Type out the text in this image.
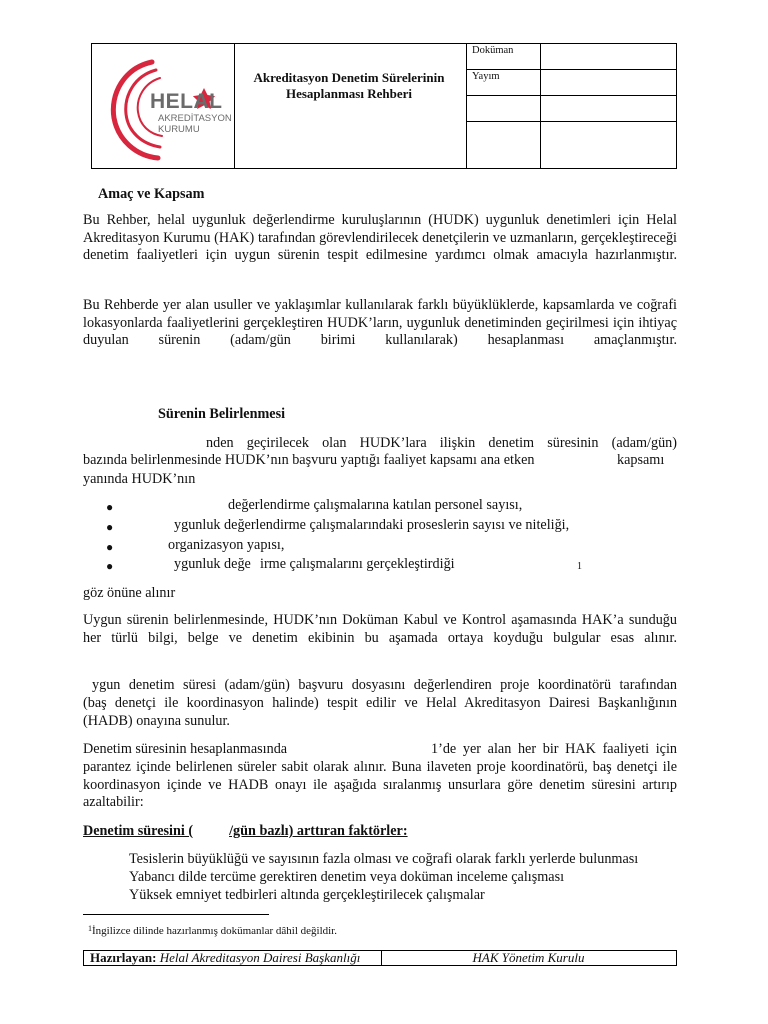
HELAL
AKREDİTASYON
KURUMU
Akreditasyon Denetim Sürelerinin
Hesaplanması Rehberi
Doküman
Yayım
Amaç ve Kapsam
Bu Rehber, helal uygunluk değerlendirme kuruluşlarının (HUDK) uygunluk denetimleri için Helal Akreditasyon Kurumu (HAK) tarafından görevlendirilecek denetçilerin ve uzmanların, gerçekleştireceği denetim faaliyetleri için uygun sürenin tespit edilmesine yardımcı olmak amacıyla hazırlanmıştır.
Bu Rehberde yer alan usuller ve yaklaşımlar kullanılarak farklı büyüklüklerde, kapsamlarda ve coğrafi lokasyonlarda faaliyetlerini gerçekleştiren HUDK’ların, uygunluk denetiminden geçirilmesi için ihtiyaç duyulan sürenin (adam/gün birimi kullanılarak) hesaplanması amaçlanmıştır.
Sürenin Belirlenmesi
nden geçirilecek olan HUDK’lara ilişkin denetim süresinin (adam/gün)
bazında belirlenmesinde HUDK’nın başvuru yaptığı faaliyet kapsamı ana etken	kapsamı
yanında HUDK’nın
●	değerlendirme çalışmalarına katılan personel sayısı,
●	ygunluk değerlendirme çalışmalarındaki proseslerin sayısı ve niteliği,
●	organizasyon yapısı,
●	ygunluk değe irme çalışmalarını gerçekleştirdiği	1
göz önüne alınır
Uygun sürenin belirlenmesinde, HUDK’nın Doküman Kabul ve Kontrol aşamasında HAK’a sunduğu her türlü bilgi, belge ve denetim ekibinin bu aşamada ortaya koyduğu bulgular esas alınır.
ygun denetim süresi (adam/gün) başvuru dosyasını değerlendiren proje koordinatörü tarafından
(baş denetçi ile koordinasyon halinde) tespit edilir ve Helal Akreditasyon Dairesi Başkanlığının
(HADB) onayına sunulur.
Denetim süresinin hesaplanmasında	1’de yer alan her bir HAK faaliyeti için
parantez içinde belirlenen süreler sabit olarak alınır. Buna ilaveten proje koordinatörü, baş denetçi ile koordinasyon içinde ve HADB onayı ile aşağıda sıralanmış unsurlara göre denetim süresini artırıp azaltabilir:
Denetim süresini (	/gün bazlı) arttıran faktörler:
Tesislerin büyüklüğü ve sayısının fazla olması ve coğrafi olarak farklı yerlerde bulunması
Yabancı dilde tercüme gerektiren denetim veya doküman inceleme çalışması
Yüksek emniyet tedbirleri altında gerçekleştirilecek çalışmalar
1 İngilizce dilinde hazırlanmış dokümanlar dâhil değildir.
Hazırlayan: Helal Akreditasyon Dairesi Başkanlığı	HAK Yönetim Kurulu
